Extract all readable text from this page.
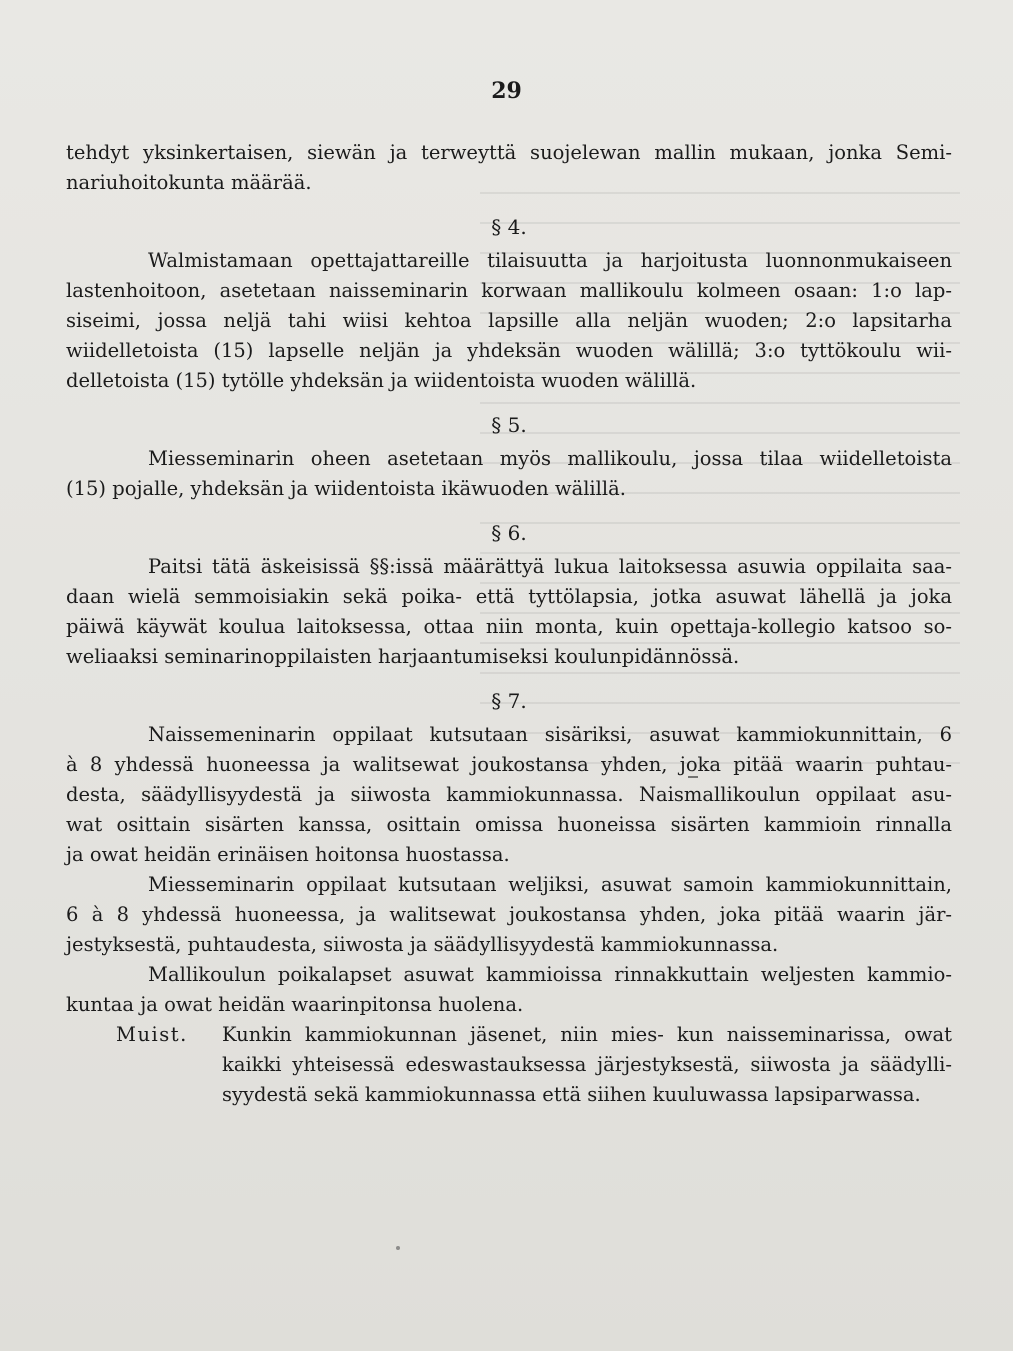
29
tehdyt yksinkertaisen, siewän ja terweyttä suojelewan mallin mukaan, jonka Semi-
nariuhoitokunta määrää.
§ 4.
Walmistamaan opettajattareille tilaisuutta ja harjoitusta luonnonmukaiseen
lastenhoitoon, asetetaan naisseminarin korwaan mallikoulu kolmeen osaan: 1:o lap-
siseimi, jossa neljä tahi wiisi kehtoa lapsille alla neljän wuoden; 2:o lapsitarha
wiidelletoista (15) lapselle neljän ja yhdeksän wuoden wälillä; 3:o tyttökoulu wii-
delletoista (15) tytölle yhdeksän ja wiidentoista wuoden wälillä.
§ 5.
Miesseminarin oheen asetetaan myös mallikoulu, jossa tilaa wiidelletoista
(15) pojalle, yhdeksän ja wiidentoista ikäwuoden wälillä.
§ 6.
Paitsi tätä äskeisissä §§:issä määrättyä lukua laitoksessa asuwia oppilaita saa-
daan wielä semmoisiakin sekä poika- että tyttölapsia, jotka asuwat lähellä ja joka
päiwä käywät koulua laitoksessa, ottaa niin monta, kuin opettaja-kollegio katsoo so-
weliaaksi seminarinoppilaisten harjaantumiseksi koulunpidännössä.
§ 7.
Naissemeninarin oppilaat kutsutaan sisäriksi, asuwat kammiokunnittain, 6
à 8 yhdessä huoneessa ja walitsewat joukostansa yhden, joka pitää waarin puhtau-
desta, säädyllisyydestä ja siiwosta kammiokunnassa. Naismallikoulun oppilaat asu-
wat osittain sisärten kanssa, osittain omissa huoneissa sisärten kammioin rinnalla
ja owat heidän erinäisen hoitonsa huostassa.
Miesseminarin oppilaat kutsutaan weljiksi, asuwat samoin kammiokunnittain,
6 à 8 yhdessä huoneessa, ja walitsewat joukostansa yhden, joka pitää waarin jär-
jestyksestä, puhtaudesta, siiwosta ja säädyllisyydestä kammiokunnassa.
Mallikoulun poikalapset asuwat kammioissa rinnakkuttain weljesten kammio-
kuntaa ja owat heidän waarinpitonsa huolena.
Muist. Kunkin kammiokunnan jäsenet, niin mies- kun naisseminarissa, owat
kaikki yhteisessä edeswastauksessa järjestyksestä, siiwosta ja säädylli-
syydestä sekä kammiokunnassa että siihen kuuluwassa lapsiparwassa.
